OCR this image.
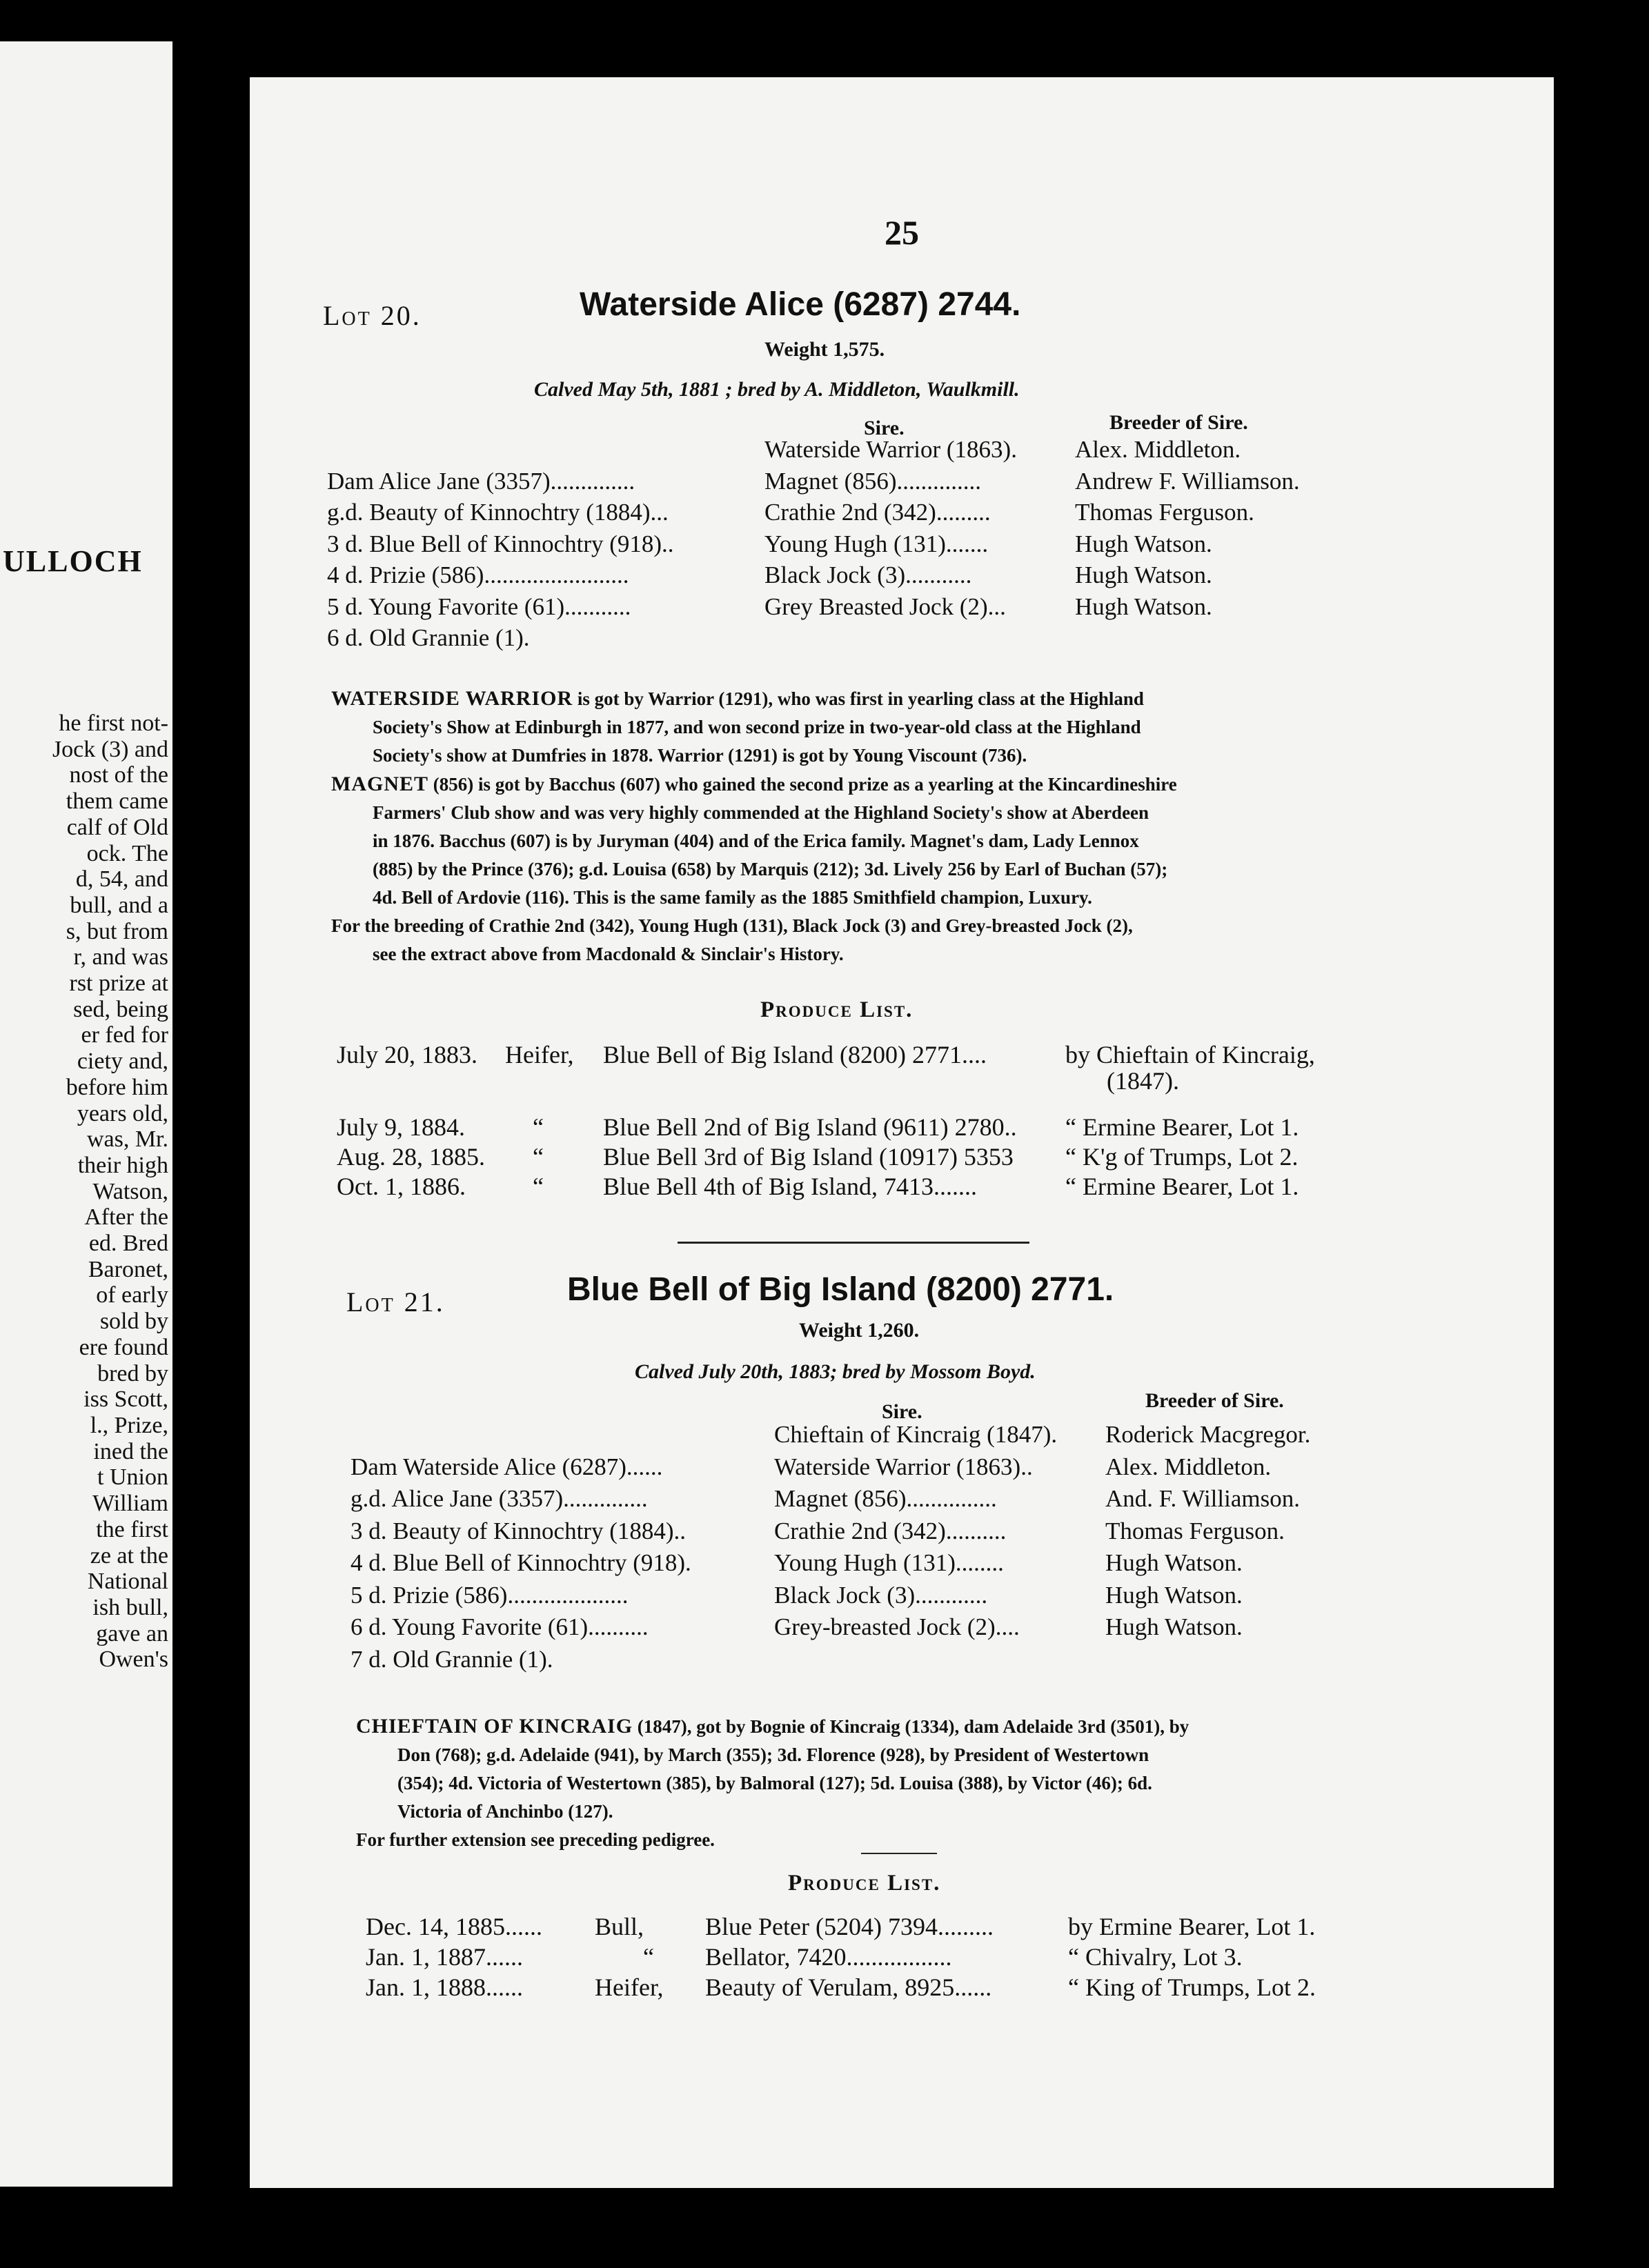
ULLOCH
he first not-
Jock (3) and
nost of the
them came
calf of Old
ock. The
d, 54, and
bull, and a
s, but from
r, and was
rst prize at
sed, being
er fed for
ciety and,
before him
years old,
was, Mr.
their high
Watson,
After the
ed. Bred
Baronet,
of early
sold by
ere found
bred by
iss Scott,
l., Prize,
ined the
t Union
William
the first
ze at the
National
ish bull,
gave an
Owen's
25
Lot 20.	Waterside Alice (6287) 2744.
Weight 1,575.
Calved May 5th, 1881 ; bred by A. Middleton, Waulkmill.
Sire.	Breeder of Sire.
Waterside Warrior (1863). Alex. Middleton.
Dam Alice Jane (3357)..............	Magnet (856)..............	Andrew F. Williamson.
g.d. Beauty of Kinnochtry (1884)...	Crathie 2nd (342).........	Thomas Ferguson.
3 d. Blue Bell of Kinnochtry (918)..	Young Hugh (131).......	Hugh Watson.
4 d. Prizie (586)........................	Black Jock (3)...........	Hugh Watson.
5 d. Young Favorite (61)...........	Grey Breasted Jock (2)...	Hugh Watson.
6 d. Old Grannie (1).

WATERSIDE WARRIOR is got by Warrior (1291), who was first in yearling class at the Highland

Society's Show at Edinburgh in 1877, and won second prize in two-year-old class at the Highland

Society's show at Dumfries in 1878. Warrior (1291) is got by Young Viscount (736).

MAGNET (856) is got by Bacchus (607) who gained the second prize as a yearling at the Kincardineshire

Farmers' Club show and was very highly commended at the Highland Society's show at Aberdeen

in 1876. Bacchus (607) is by Juryman (404) and of the Erica family. Magnet's dam, Lady Lennox

(885) by the Prince (376); g.d. Louisa (658) by Marquis (212); 3d. Lively 256 by Earl of Buchan (57);

4d. Bell of Ardovie (116). This is the same family as the 1885 Smithfield champion, Luxury.

For the breeding of Crathie 2nd (342), Young Hugh (131), Black Jock (3) and Grey-breasted Jock (2),

see the extract above from Macdonald & Sinclair's History.

Produce List.
July 20, 1883. Heifer, Blue Bell of Big Island (8200) 2771....	by Chieftain of Kincraig,
(1847).
July 9, 1884.	“ Blue Bell 2nd of Big Island (9611) 2780.. “ Ermine Bearer, Lot 1.
Aug. 28, 1885. “ Blue Bell 3rd of Big Island (10917) 5353 “ K'g of Trumps, Lot 2.
Oct. 1, 1886.	“ Blue Bell 4th of Big Island, 7413.......	“ Ermine Bearer, Lot 1.
Lot 21.	Blue Bell of Big Island (8200) 2771.
Weight 1,260.
Calved July 20th, 1883; bred by Mossom Boyd.
Sire.	Breeder of Sire.
Chieftain of Kincraig (1847). Roderick Macgregor.
Dam Waterside Alice (6287)......	Waterside Warrior (1863)..	Alex. Middleton.
g.d. Alice Jane (3357)..............	Magnet (856)...............	And. F. Williamson.
3 d. Beauty of Kinnochtry (1884)..	Crathie 2nd (342)..........	Thomas Ferguson.
4 d. Blue Bell of Kinnochtry (918).	Young Hugh (131)........	Hugh Watson.
5 d. Prizie (586)....................	Black Jock (3)............	Hugh Watson.
6 d. Young Favorite (61)..........	Grey-breasted Jock (2)....	Hugh Watson.
7 d. Old Grannie (1).

CHIEFTAIN OF KINCRAIG (1847), got by Bognie of Kincraig (1334), dam Adelaide 3rd (3501), by

Don (768); g.d. Adelaide (941), by March (355); 3d. Florence (928), by President of Westertown

(354); 4d. Victoria of Westertown (385), by Balmoral (127); 5d. Louisa (388), by Victor (46); 6d.

Victoria of Anchinbo (127).

For further extension see preceding pedigree.

Produce List.
Dec. 14, 1885...... Bull, Blue Peter (5204) 7394.........	by Ermine Bearer, Lot 1.
Jan. 1, 1887......	“ Bellator, 7420.................	“ Chivalry, Lot 3.
Jan. 1, 1888......	Heifer, Beauty of Verulam, 8925......	“ King of Trumps, Lot 2.
